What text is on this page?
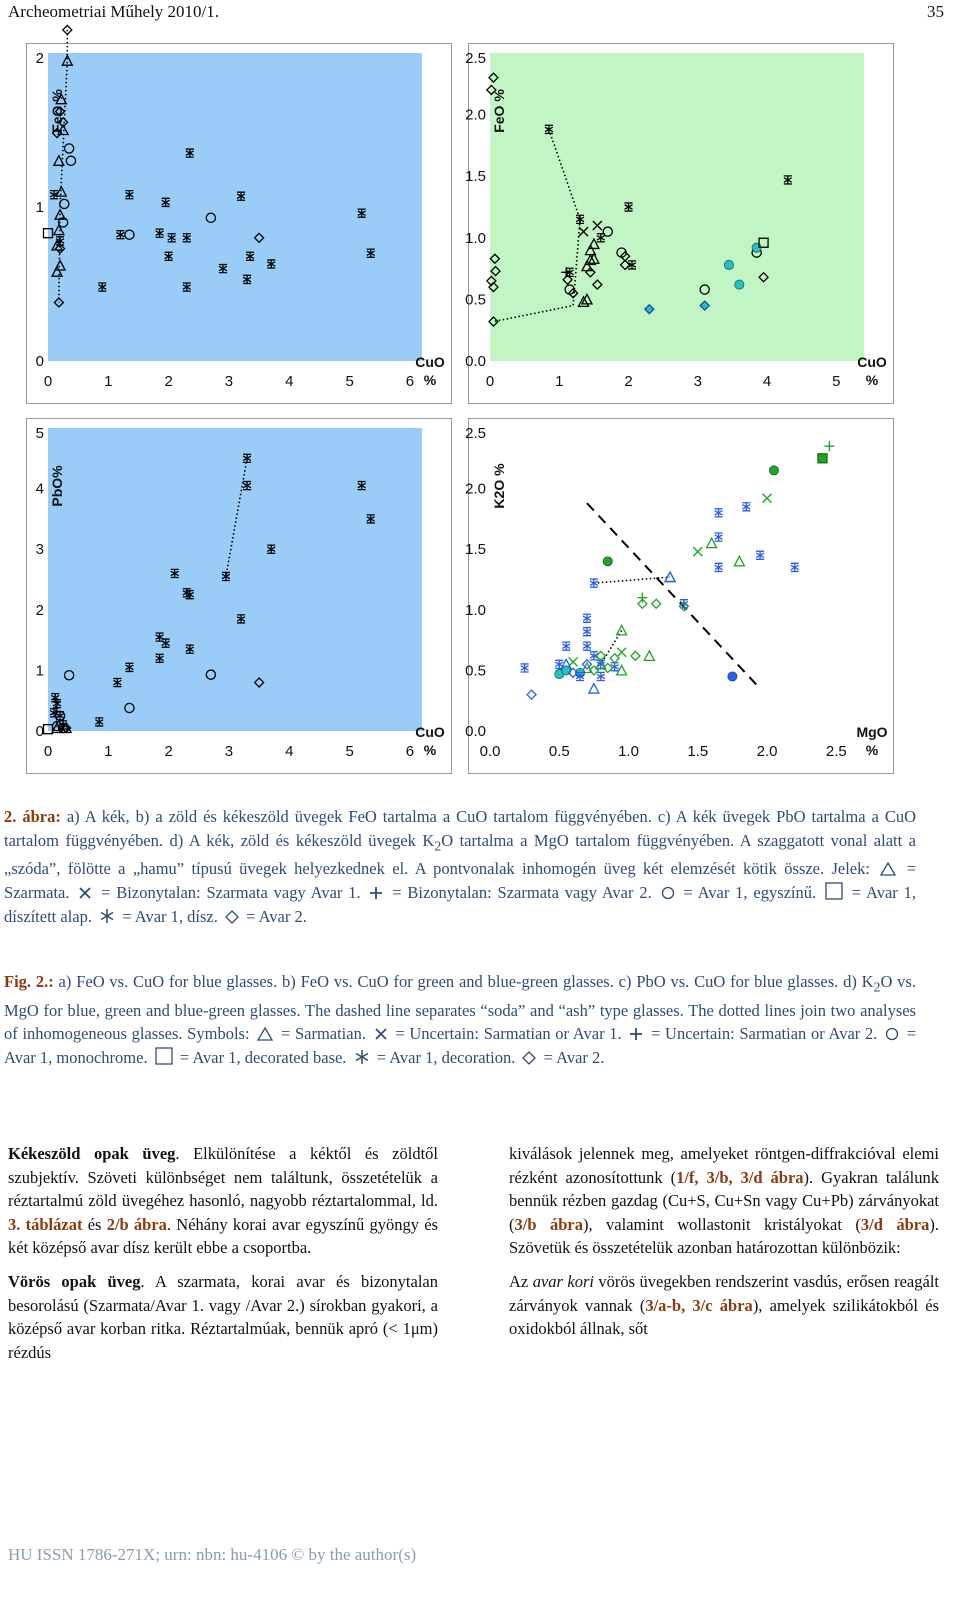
Archeometriai Műhely 2010/1.	35
0	1	2	3	4	5	6
0
1
2
FeO %
CuO
%	0	1	2	3	4	5
0.0
0.5
1.0
1.5
2.0
2.5
FeO %
CuO
%
0	1	2	3	4	5	6
0
1
2
3
4
5
PbO%
CuO
%	0.0	0.5	1.0	1.5	2.0	2.5
0.0
0.5
1.0
1.5
2.0
2.5
K2O %
MgO
%
2. ábra: a) A kék, b) a zöld és kékeszöld üvegek FeO tartalma a CuO tartalom függvényében. c) A kék üvegek PbO tartalma a CuO tartalom függvényében. d) A kék, zöld és kékeszöld üvegek $K_2O$ tartalma a MgO tartalom függvényében. A szaggatott vonal alatt a „szóda”, fölötte a „hamu” típusú üvegek helyezkednek el. A pontvonalak inhomogén üveg két elemzését kötik össze. Jelek:  = Szarmata.  = Bizonytalan: Szarmata vagy Avar 1.  = Bizonytalan: Szarmata vagy Avar 2.  = Avar 1, egyszínű.  = Avar 1, díszített alap.  = Avar 1, dísz.  = Avar 2.
Fig. 2.: a) FeO vs. CuO for blue glasses. b) FeO vs. CuO for green and blue-green glasses. c) PbO vs. CuO for blue glasses. d) $K_2O$ vs. MgO for blue, green and blue-green glasses. The dashed line separates “soda” and “ash” type glasses. The dotted lines join two analyses of inhomogeneous glasses. Symbols:  = Sarmatian.  = Uncertain: Sarmatian or Avar 1.  = Uncertain: Sarmatian or Avar 2.  = Avar 1, monochrome.  = Avar 1, decorated base.  = Avar 1, decoration.  = Avar 2.

Kékeszöld opak üveg. Elkülönítése a kéktől és zöldtől szubjektív. Szöveti különbséget nem találtunk, összetételük a réztartalmú zöld üvegéhez hasonló, nagyobb réztartalommal, ld. 3. táblázat és 2/b ábra. Néhány korai avar egyszínű gyöngy és két középső avar dísz került ebbe a csoportba.

Vörös opak üveg. A szarmata, korai avar és bizonytalan besorolású (Szarmata/Avar 1. vagy /Avar 2.) sírokban gyakori, a középső avar korban ritka. Réztartalmúak, bennük apró (< 1μm) rézdús

kiválások jelennek meg, amelyeket röntgen-diffrakcióval elemi rézként azonosítottunk (1/f, 3/b, 3/d ábra). Gyakran találunk bennük rézben gazdag (Cu+S, Cu+Sn vagy Cu+Pb) zárványokat (3/b ábra), valamint wollastonit kristályokat (3/d ábra). Szövetük és összetételük azonban határozottan különbözik:

Az avar kori vörös üvegekben rendszerint vasdús, erősen reagált zárványok vannak (3/a-b, 3/c ábra), amelyek szilikátokból és oxidokból állnak, sőt

HU ISSN 1786-271X; urn: nbn: hu-4106 © by the author(s)
